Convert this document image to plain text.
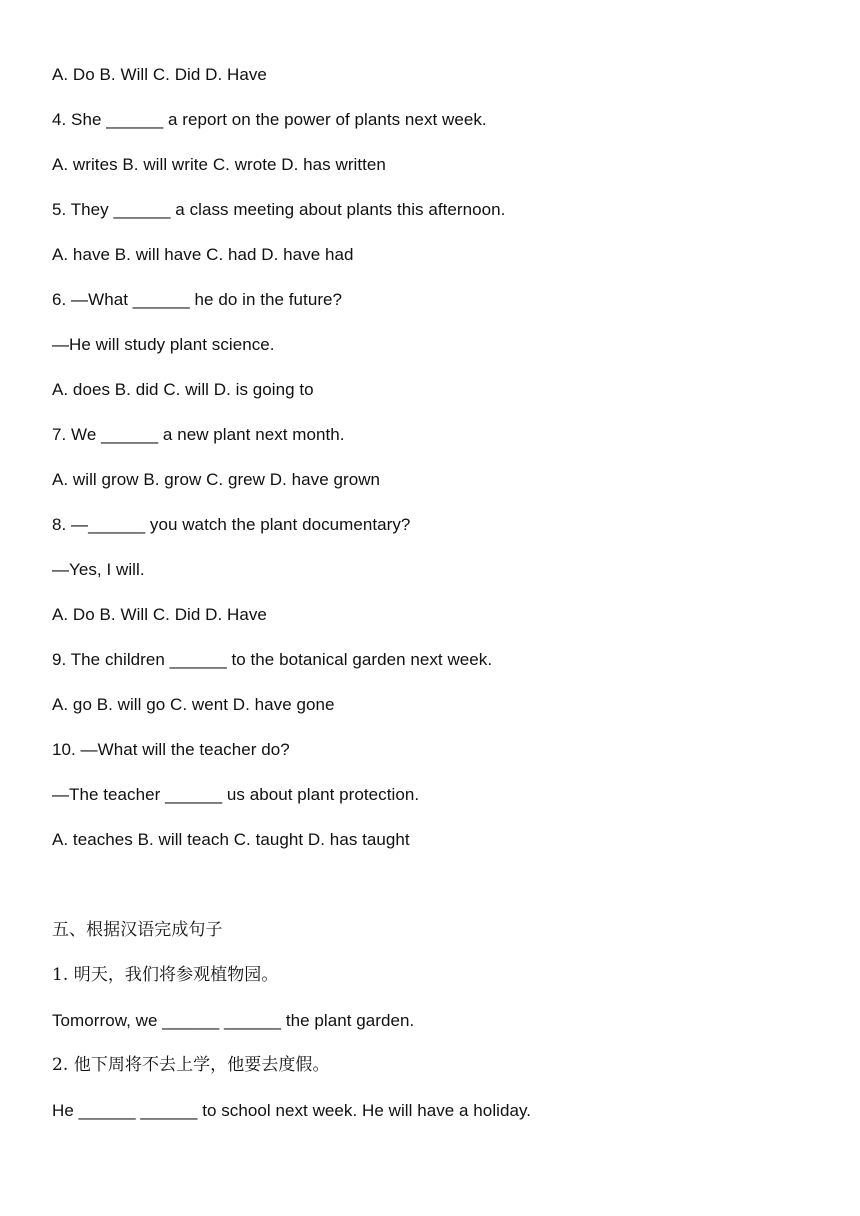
A. Do B. Will C. Did D. Have
4. She ______ a report on the power of plants next week.
A. writes B. will write C. wrote D. has written
5. They ______ a class meeting about plants this afternoon.
A. have B. will have C. had D. have had
6. —What ______ he do in the future?
—He will study plant science.
A. does B. did C. will D. is going to
7. We ______ a new plant next month.
A. will grow B. grow C. grew D. have grown
8. —______ you watch the plant documentary?
—Yes, I will.
A. Do B. Will C. Did D. Have
9. The children ______ to the botanical garden next week.
A. go B. will go C. went D. have gone
10. —What will the teacher do?
—The teacher ______ us about plant protection.
A. teaches B. will teach C. taught D. has taught
五、根据汉语完成句子
1. 明天，我们将参观植物园。
Tomorrow, we ______ ______ the plant garden.
2. 他下周将不去上学，他要去度假。
He ______ ______ to school next week. He will have a holiday.
